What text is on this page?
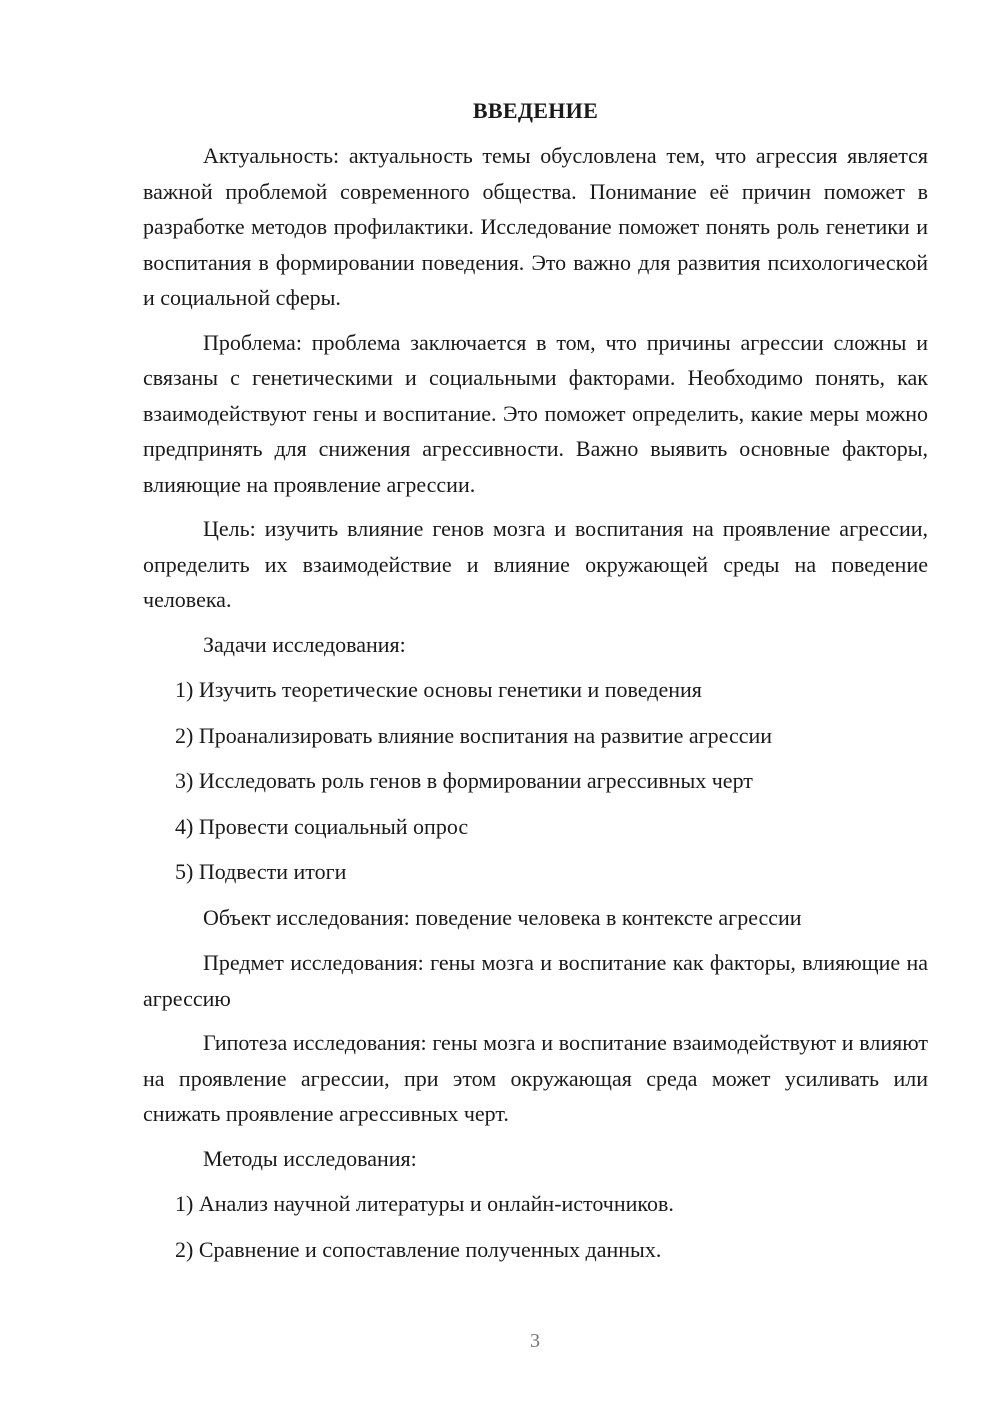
ВВЕДЕНИЕ

Актуальность: актуальность темы обусловлена тем, что агрессия является важной проблемой современного общества. Понимание её причин поможет в разработке методов профилактики. Исследование поможет понять роль генетики и воспитания в формировании поведения. Это важно для развития психологической и социальной сферы.

Проблема: проблема заключается в том, что причины агрессии сложны и связаны с генетическими и социальными факторами. Необходимо понять, как взаимодействуют гены и воспитание. Это поможет определить, какие меры можно предпринять для снижения агрессивности. Важно выявить основные факторы, влияющие на проявление агрессии.

Цель: изучить влияние генов мозга и воспитания на проявление агрессии, определить их взаимодействие и влияние окружающей среды на поведение человека.

Задачи исследования:
1) Изучить теоретические основы генетики и поведения
2) Проанализировать влияние воспитания на развитие агрессии
3) Исследовать роль генов в формировании агрессивных черт
4) Провести социальный опрос
5) Подвести итоги
Объект исследования: поведение человека в контексте агрессии

Предмет исследования: гены мозга и воспитание как факторы, влияющие на агрессию

Гипотеза исследования: гены мозга и воспитание взаимодействуют и влияют на проявление агрессии, при этом окружающая среда может усиливать или снижать проявление агрессивных черт.

Методы исследования:
1) Анализ научной литературы и онлайн-источников.
2) Сравнение и сопоставление полученных данных.
3
